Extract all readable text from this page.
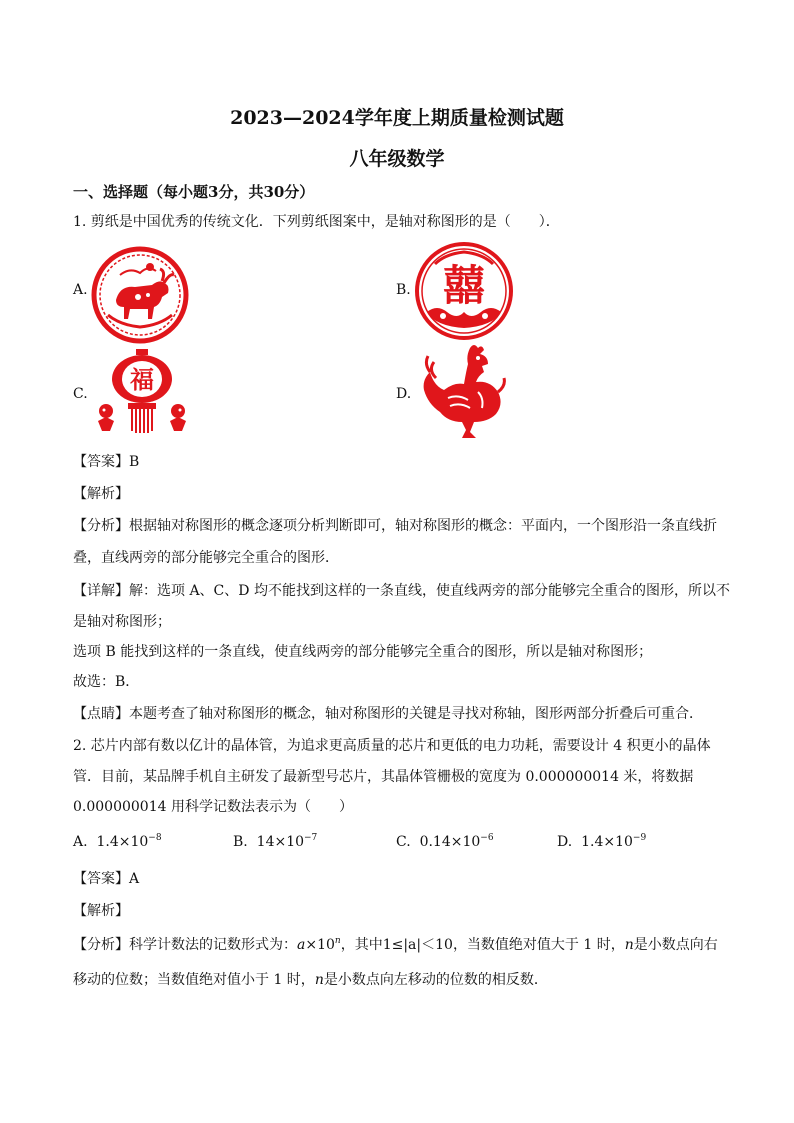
2023—2024学年度上期质量检测试题
八年级数学
一、选择题（每小题3分，共30分）
1. 剪纸是中国优秀的传统文化．下列剪纸图案中，是轴对称图形的是（　　）．
A.	B. 囍
C. 福	D.
【答案】B
【解析】
【分析】根据轴对称图形的概念逐项分析判断即可，轴对称图形的概念：平面内，一个图形沿一条直线折
叠，直线两旁的部分能够完全重合的图形．
【详解】解：选项 A、C、D 均不能找到这样的一条直线，使直线两旁的部分能够完全重合的图形，所以不
是轴对称图形；
选项 B 能找到这样的一条直线，使直线两旁的部分能够完全重合的图形，所以是轴对称图形；
故选：B．
【点睛】本题考查了轴对称图形的概念，轴对称图形的关键是寻找对称轴，图形两部分折叠后可重合．
2. 芯片内部有数以亿计的晶体管，为追求更高质量的芯片和更低的电力功耗，需要设计 4 积更小的晶体
管．目前，某品牌手机自主研发了最新型号芯片，其晶体管栅极的宽度为 0.000000014 米，将数据
0.000000014 用科学记数法表示为（　　）
A. $1.4\times 10^{-8}$	B. $14\times 10^{-7}$	C. $0.14\times 10^{-6}$	D. $1.4\times 10^{-9}$
【答案】A
【解析】
【分析】科学计数法的记数形式为：$a\times 10^n$，其中1≤|a|＜10，当数值绝对值大于 1 时，n是小数点向右
移动的位数；当数值绝对值小于 1 时，n是小数点向左移动的位数的相反数．
